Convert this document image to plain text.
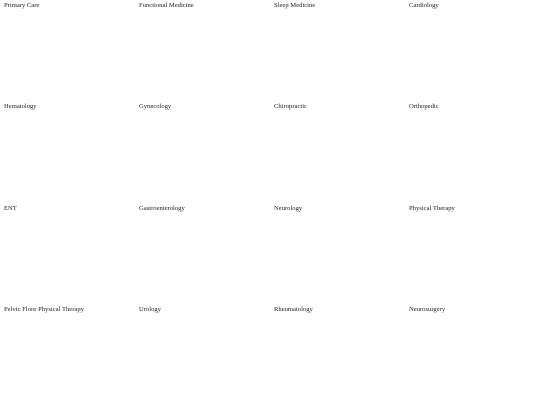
Primary Care	Functional Medicine	Sleep Medicine	Cardiology
Hematology	Gynecology	Chiropractic	Orthopedic
ENT	Gastroenterology	Neurology	Physical Therapy
Pelvic Floor Physical Therapy	Urology	Rheumatology	Neurosurgery
